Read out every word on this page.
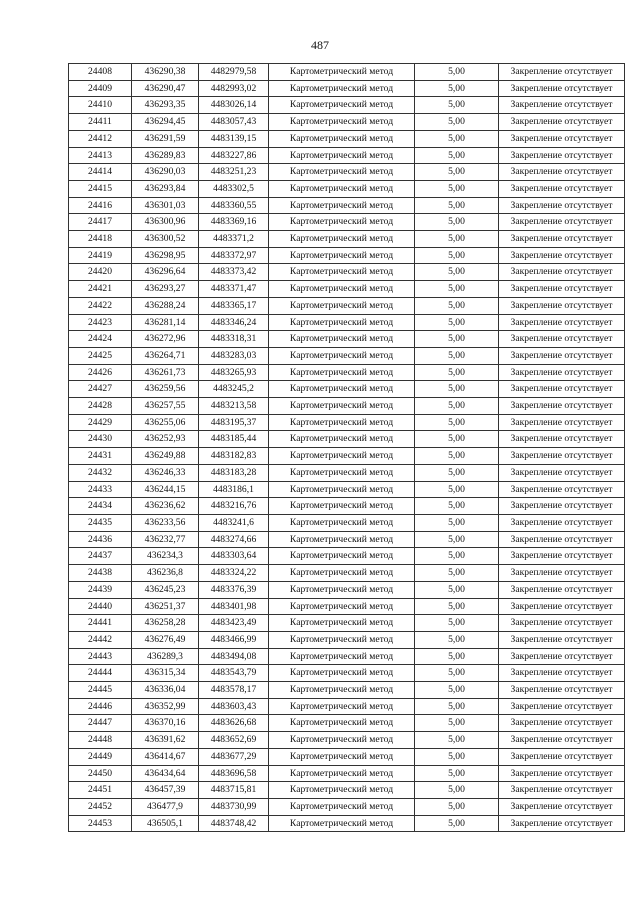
487
24408	436290,38	4482979,58	Картометрический метод	5,00	Закрепление отсутствует
24409	436290,47	4482993,02	Картометрический метод	5,00	Закрепление отсутствует
24410	436293,35	4483026,14	Картометрический метод	5,00	Закрепление отсутствует
24411	436294,45	4483057,43	Картометрический метод	5,00	Закрепление отсутствует
24412	436291,59	4483139,15	Картометрический метод	5,00	Закрепление отсутствует
24413	436289,83	4483227,86	Картометрический метод	5,00	Закрепление отсутствует
24414	436290,03	4483251,23	Картометрический метод	5,00	Закрепление отсутствует
24415	436293,84	4483302,5	Картометрический метод	5,00	Закрепление отсутствует
24416	436301,03	4483360,55	Картометрический метод	5,00	Закрепление отсутствует
24417	436300,96	4483369,16	Картометрический метод	5,00	Закрепление отсутствует
24418	436300,52	4483371,2	Картометрический метод	5,00	Закрепление отсутствует
24419	436298,95	4483372,97	Картометрический метод	5,00	Закрепление отсутствует
24420	436296,64	4483373,42	Картометрический метод	5,00	Закрепление отсутствует
24421	436293,27	4483371,47	Картометрический метод	5,00	Закрепление отсутствует
24422	436288,24	4483365,17	Картометрический метод	5,00	Закрепление отсутствует
24423	436281,14	4483346,24	Картометрический метод	5,00	Закрепление отсутствует
24424	436272,96	4483318,31	Картометрический метод	5,00	Закрепление отсутствует
24425	436264,71	4483283,03	Картометрический метод	5,00	Закрепление отсутствует
24426	436261,73	4483265,93	Картометрический метод	5,00	Закрепление отсутствует
24427	436259,56	4483245,2	Картометрический метод	5,00	Закрепление отсутствует
24428	436257,55	4483213,58	Картометрический метод	5,00	Закрепление отсутствует
24429	436255,06	4483195,37	Картометрический метод	5,00	Закрепление отсутствует
24430	436252,93	4483185,44	Картометрический метод	5,00	Закрепление отсутствует
24431	436249,88	4483182,83	Картометрический метод	5,00	Закрепление отсутствует
24432	436246,33	4483183,28	Картометрический метод	5,00	Закрепление отсутствует
24433	436244,15	4483186,1	Картометрический метод	5,00	Закрепление отсутствует
24434	436236,62	4483216,76	Картометрический метод	5,00	Закрепление отсутствует
24435	436233,56	4483241,6	Картометрический метод	5,00	Закрепление отсутствует
24436	436232,77	4483274,66	Картометрический метод	5,00	Закрепление отсутствует
24437	436234,3	4483303,64	Картометрический метод	5,00	Закрепление отсутствует
24438	436236,8	4483324,22	Картометрический метод	5,00	Закрепление отсутствует
24439	436245,23	4483376,39	Картометрический метод	5,00	Закрепление отсутствует
24440	436251,37	4483401,98	Картометрический метод	5,00	Закрепление отсутствует
24441	436258,28	4483423,49	Картометрический метод	5,00	Закрепление отсутствует
24442	436276,49	4483466,99	Картометрический метод	5,00	Закрепление отсутствует
24443	436289,3	4483494,08	Картометрический метод	5,00	Закрепление отсутствует
24444	436315,34	4483543,79	Картометрический метод	5,00	Закрепление отсутствует
24445	436336,04	4483578,17	Картометрический метод	5,00	Закрепление отсутствует
24446	436352,99	4483603,43	Картометрический метод	5,00	Закрепление отсутствует
24447	436370,16	4483626,68	Картометрический метод	5,00	Закрепление отсутствует
24448	436391,62	4483652,69	Картометрический метод	5,00	Закрепление отсутствует
24449	436414,67	4483677,29	Картометрический метод	5,00	Закрепление отсутствует
24450	436434,64	4483696,58	Картометрический метод	5,00	Закрепление отсутствует
24451	436457,39	4483715,81	Картометрический метод	5,00	Закрепление отсутствует
24452	436477,9	4483730,99	Картометрический метод	5,00	Закрепление отсутствует
24453	436505,1	4483748,42	Картометрический метод	5,00	Закрепление отсутствует
